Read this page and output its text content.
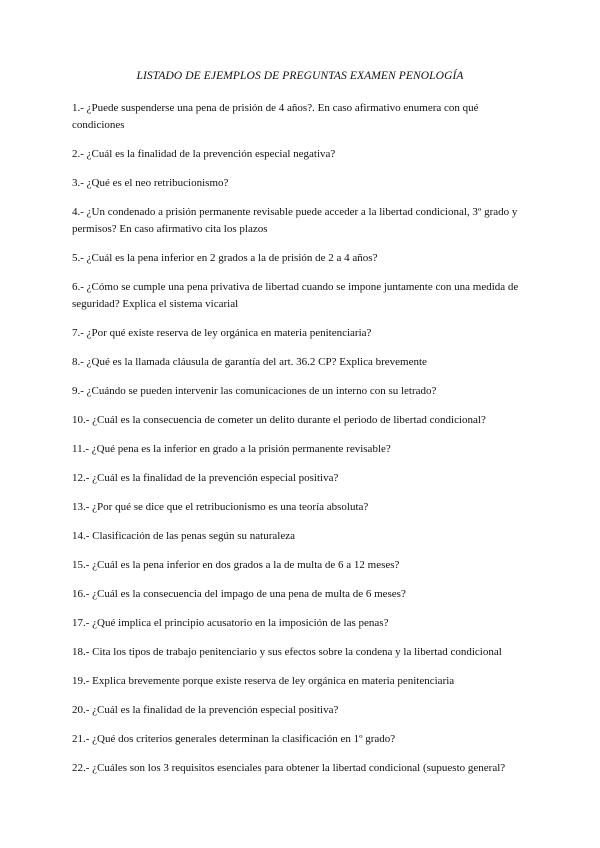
LISTADO DE EJEMPLOS DE PREGUNTAS EXAMEN PENOLOGÍA
1.- ¿Puede suspenderse una pena de prisión de 4 años?. En caso afirmativo enumera con qué condiciones
2.- ¿Cuál es la finalidad de la prevención especial negativa?
3.- ¿Qué es el neo retribucionismo?
4.- ¿Un condenado a prisión permanente revisable puede acceder a la libertad condicional, 3º grado y permisos? En caso afirmativo cita los plazos
5.- ¿Cuál es la pena inferior en 2 grados a la de prisión de 2 a 4 años?
6.- ¿Cómo se cumple una pena privativa de libertad cuando se impone juntamente con una medida de seguridad? Explica el sistema vicarial
7.- ¿Por qué existe reserva de ley orgánica en materia penitenciaria?
8.- ¿Qué es la llamada cláusula de garantía del art. 36.2 CP? Explica brevemente
9.- ¿Cuándo se pueden intervenir las comunicaciones de un interno con su letrado?
10.- ¿Cuál es la consecuencia de cometer un delito durante el periodo de libertad condicional?
11.- ¿Qué pena es la inferior en grado a la prisión permanente revisable?
12.- ¿Cuál es la finalidad de la prevención especial positiva?
13.- ¿Por qué se dice que el retribucionismo es una teoría absoluta?
14.- Clasificación de las penas según su naturaleza
15.- ¿Cuál es la pena inferior en dos grados a la de multa de 6 a 12 meses?
16.- ¿Cuál es la consecuencia del impago de una pena de multa de 6 meses?
17.- ¿Qué implica el principio acusatorio en la imposición de las penas?
18.- Cita los tipos de trabajo penitenciario y sus efectos sobre la condena y la libertad condicional
19.- Explica brevemente porque existe reserva de ley orgánica en materia penitenciaria
20.- ¿Cuál es la finalidad de la prevención especial positiva?
21.- ¿Qué dos criterios generales determinan la clasificación en 1º grado?
22.- ¿Cuáles son los 3 requisitos esenciales para obtener la libertad condicional (supuesto general?
